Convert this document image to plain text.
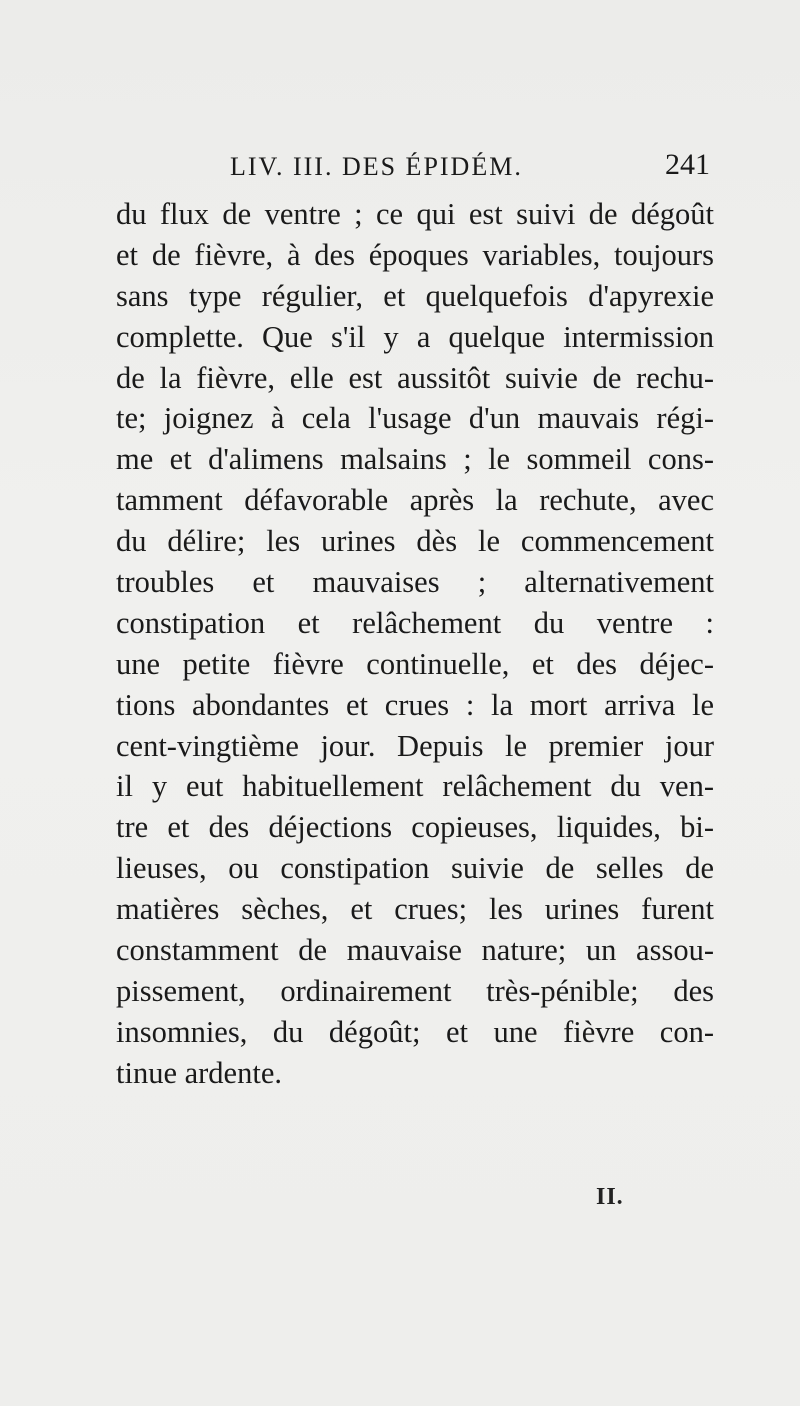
LIV. III. DES ÉPIDÉM.	241
du flux de ventre ; ce qui est suivi de dégoût
et de fièvre, à des époques variables, toujours
sans type régulier, et quelquefois d'apyrexie
complette. Que s'il y a quelque intermission
de la fièvre, elle est aussitôt suivie de rechu-
te; joignez à cela l'usage d'un mauvais régi-
me et d'alimens malsains ; le sommeil cons-
tamment défavorable après la rechute, avec
du délire; les urines dès le commencement
troubles et mauvaises ; alternativement
constipation et relâchement du ventre :
une petite fièvre continuelle, et des déjec-
tions abondantes et crues : la mort arriva le
cent-vingtième jour. Depuis le premier jour
il y eut habituellement relâchement du ven-
tre et des déjections copieuses, liquides, bi-
lieuses, ou constipation suivie de selles de
matières sèches, et crues; les urines furent
constamment de mauvaise nature; un assou-
pissement, ordinairement très-pénible; des
insomnies, du dégoût; et une fièvre con-
tinue ardente.
II.
